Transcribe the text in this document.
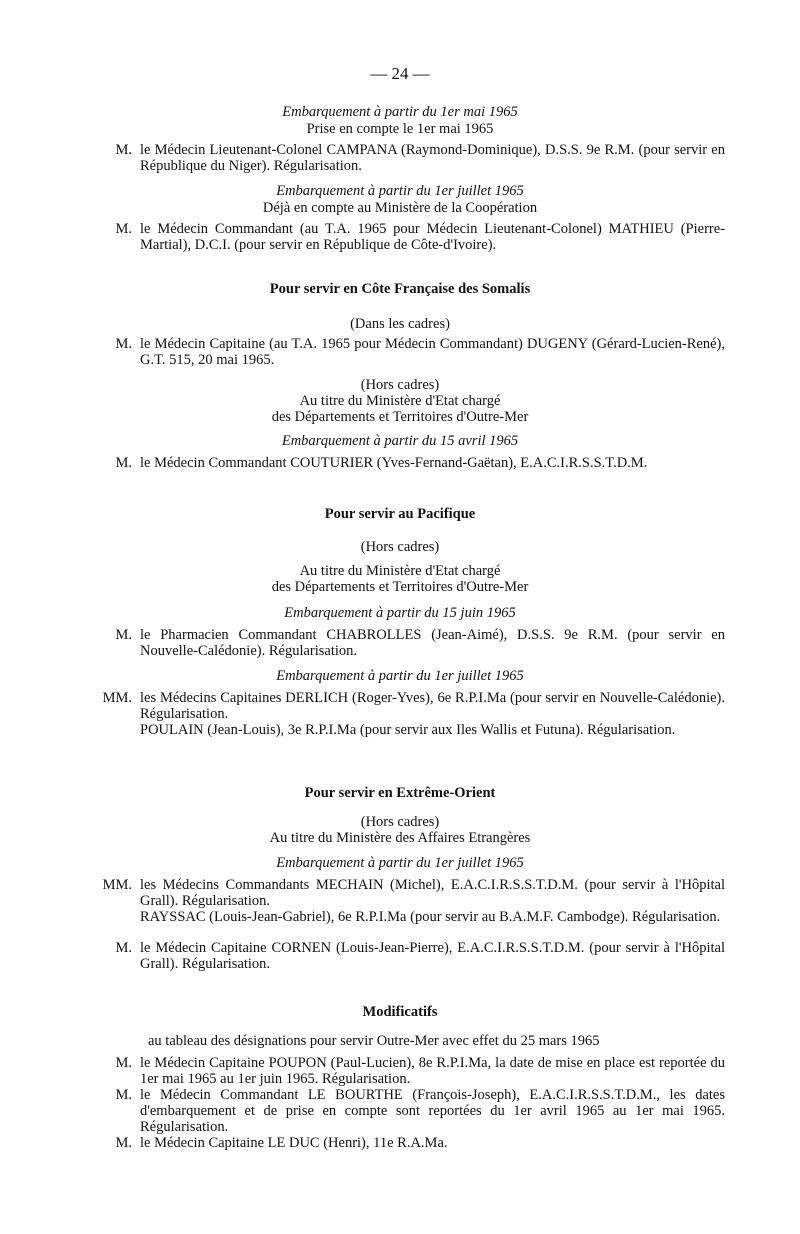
— 24 —

Embarquement à partir du 1er mai 1965

Prise en compte le 1er mai 1965

M. le Médecin Lieutenant-Colonel CAMPANA (Raymond-Dominique), D.S.S. 9e R.M. (pour servir en République du Niger). Régularisation.

Embarquement à partir du 1er juillet 1965

Déjà en compte au Ministère de la Coopération

M. le Médecin Commandant (au T.A. 1965 pour Médecin Lieutenant-Colonel) MATHIEU (Pierre-Martial), D.C.I. (pour servir en République de Côte-d'Ivoire).

Pour servir en Côte Française des Somalis

(Dans les cadres)

M. le Médecin Capitaine (au T.A. 1965 pour Médecin Commandant) DUGENY (Gérard-Lucien-René), G.T. 515, 20 mai 1965.

(Hors cadres)

Au titre du Ministère d'Etat chargé

des Départements et Territoires d'Outre-Mer

Embarquement à partir du 15 avril 1965

M. le Médecin Commandant COUTURIER (Yves-Fernand-Gaëtan), E.A.C.I.R.S.S.T.D.M.

Pour servir au Pacifique

(Hors cadres)

Au titre du Ministère d'Etat chargé

des Départements et Territoires d'Outre-Mer

Embarquement à partir du 15 juin 1965

M. le Pharmacien Commandant CHABROLLES (Jean-Aimé), D.S.S. 9e R.M. (pour servir en Nouvelle-Calédonie). Régularisation.

Embarquement à partir du 1er juillet 1965

MM. les Médecins Capitaines DERLICH (Roger-Yves), 6e R.P.I.Ma (pour servir en Nouvelle-Calédonie). Régularisation.

POULAIN (Jean-Louis), 3e R.P.I.Ma (pour servir aux Iles Wallis et Futuna). Régularisation.

Pour servir en Extrême-Orient

(Hors cadres)

Au titre du Ministère des Affaires Etrangères

Embarquement à partir du 1er juillet 1965

MM. les Médecins Commandants MECHAIN (Michel), E.A.C.I.R.S.S.T.D.M. (pour servir à l'Hôpital Grall). Régularisation.

RAYSSAC (Louis-Jean-Gabriel), 6e R.P.I.Ma (pour servir au B.A.M.F. Cambodge). Régularisation.

M. le Médecin Capitaine CORNEN (Louis-Jean-Pierre), E.A.C.I.R.S.S.T.D.M. (pour servir à l'Hôpital Grall). Régularisation.

Modificatifs

au tableau des désignations pour servir Outre-Mer avec effet du 25 mars 1965

M. le Médecin Capitaine POUPON (Paul-Lucien), 8e R.P.I.Ma, la date de mise en place est reportée du 1er mai 1965 au 1er juin 1965. Régularisation.

M. le Médecin Commandant LE BOURTHE (François-Joseph), E.A.C.I.R.S.S.T.D.M., les dates d'embarquement et de prise en compte sont reportées du 1er avril 1965 au 1er mai 1965. Régularisation.

M. le Médecin Capitaine LE DUC (Henri), 11e R.A.Ma.
